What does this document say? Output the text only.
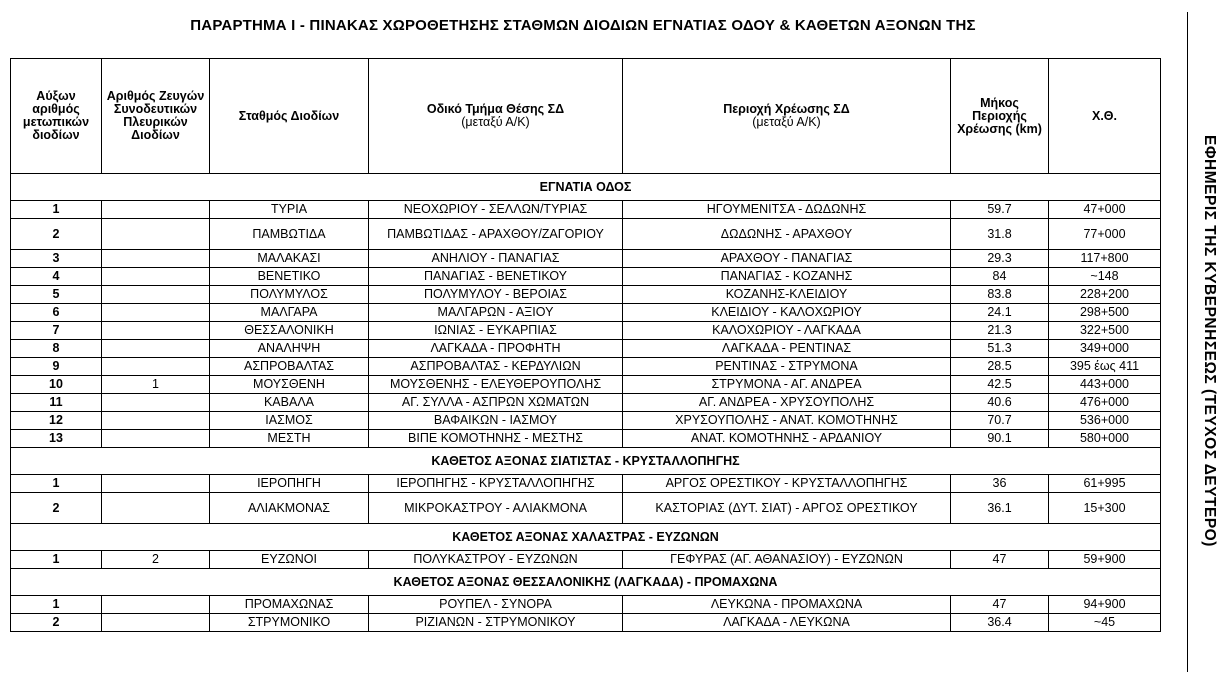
ΠΑΡΑΡΤΗΜΑ Ι - ΠΙΝΑΚΑΣ ΧΩΡΟΘΕΤΗΣΗΣ ΣΤΑΘΜΩΝ ΔΙΟΔΙΩΝ ΕΓΝΑΤΙΑΣ ΟΔΟΥ & ΚΑΘΕΤΩΝ ΑΞΟΝΩΝ ΤΗΣ
Αύξων αριθμός μετωπικών διοδίων	Αριθμός Ζευγών Συνοδευτικών Πλευρικών Διοδίων	Σταθμός Διοδίων	Οδικό Τμήμα Θέσης ΣΔ
(μεταξύ Α/Κ)	Περιοχή Χρέωσης ΣΔ
(μεταξύ Α/Κ)	Μήκος Περιοχής Χρέωσης (km)	Χ.Θ.
ΕΓΝΑΤΙΑ ΟΔΟΣ						
1		ΤΥΡΙΑ	ΝΕΟΧΩΡΙΟΥ - ΣΕΛΛΩΝ/ΤΥΡΙΑΣ	ΗΓΟΥΜΕΝΙΤΣΑ - ΔΩΔΩΝΗΣ	59.7	47+000
2		ΠΑΜΒΩΤΙΔΑ	ΠΑΜΒΩΤΙΔΑΣ - ΑΡΑΧΘΟΥ/ΖΑΓΟΡΙΟΥ	ΔΩΔΩΝΗΣ - ΑΡΑΧΘΟΥ	31.8	77+000
3		ΜΑΛΑΚΑΣΙ	ΑΝΗΛΙΟΥ - ΠΑΝΑΓΙΑΣ	ΑΡΑΧΘΟΥ - ΠΑΝΑΓΙΑΣ	29.3	117+800
4		ΒΕΝΕΤΙΚΟ	ΠΑΝΑΓΙΑΣ - ΒΕΝΕΤΙΚΟΥ	ΠΑΝΑΓΙΑΣ - ΚΟΖΑΝΗΣ	84	~148
5		ΠΟΛΥΜΥΛΟΣ	ΠΟΛΥΜΥΛΟΥ - ΒΕΡΟΙΑΣ	ΚΟΖΑΝΗΣ-ΚΛΕΙΔΙΟΥ	83.8	228+200
6		ΜΑΛΓΑΡΑ	ΜΑΛΓΑΡΩΝ - ΑΞΙΟΥ	ΚΛΕΙΔΙΟΥ - ΚΑΛΟΧΩΡΙΟΥ	24.1	298+500
7		ΘΕΣΣΑΛΟΝΙΚΗ	ΙΩΝΙΑΣ - ΕΥΚΑΡΠΙΑΣ	ΚΑΛΟΧΩΡΙΟΥ - ΛΑΓΚΑΔΑ	21.3	322+500
8		ΑΝΑΛΗΨΗ	ΛΑΓΚΑΔΑ - ΠΡΟΦΗΤΗ	ΛΑΓΚΑΔΑ - ΡΕΝΤΙΝΑΣ	51.3	349+000
9		ΑΣΠΡΟΒΑΛΤΑΣ	ΑΣΠΡΟΒΑΛΤΑΣ - ΚΕΡΔΥΛΙΩΝ	ΡΕΝΤΙΝΑΣ - ΣΤΡΥΜΟΝΑ	28.5	395 έως 411
10	1	ΜΟΥΣΘΕΝΗ	ΜΟΥΣΘΕΝΗΣ - ΕΛΕΥΘΕΡΟΥΠΟΛΗΣ	ΣΤΡΥΜΟΝΑ - ΑΓ. ΑΝΔΡΕΑ	42.5	443+000
11		ΚΑΒΑΛΑ	ΑΓ. ΣΥΛΛΑ - ΑΣΠΡΩΝ ΧΩΜΑΤΩΝ	ΑΓ. ΑΝΔΡΕΑ - ΧΡΥΣΟΥΠΟΛΗΣ	40.6	476+000
12		ΙΑΣΜΟΣ	ΒΑΦΑΙΚΩΝ - ΙΑΣΜΟΥ	ΧΡΥΣΟΥΠΟΛΗΣ - ΑΝΑΤ. ΚΟΜΟΤΗΝΗΣ	70.7	536+000
13		ΜΕΣΤΗ	ΒΙΠΕ ΚΟΜΟΤΗΝΗΣ - ΜΕΣΤΗΣ	ΑΝΑΤ. ΚΟΜΟΤΗΝΗΣ - ΑΡΔΑΝΙΟΥ	90.1	580+000
ΚΑΘΕΤΟΣ ΑΞΟΝΑΣ ΣΙΑΤΙΣΤΑΣ - ΚΡΥΣΤΑΛΛΟΠΗΓΗΣ						
1		ΙΕΡΟΠΗΓΗ	ΙΕΡΟΠΗΓΗΣ - ΚΡΥΣΤΑΛΛΟΠΗΓΗΣ	ΑΡΓΟΣ ΟΡΕΣΤΙΚΟΥ - ΚΡΥΣΤΑΛΛΟΠΗΓΗΣ	36	61+995
2		ΑΛΙΑΚΜΟΝΑΣ	ΜΙΚΡΟΚΑΣΤΡΟΥ - ΑΛΙΑΚΜΟΝΑ	ΚΑΣΤΟΡΙΑΣ (ΔΥΤ. ΣΙΑΤ) - ΑΡΓΟΣ ΟΡΕΣΤΙΚΟΥ	36.1	15+300
ΚΑΘΕΤΟΣ ΑΞΟΝΑΣ ΧΑΛΑΣΤΡΑΣ - ΕΥΖΩΝΩΝ						
1	2	ΕΥΖΩΝΟΙ	ΠΟΛΥΚΑΣΤΡΟΥ - ΕΥΖΩΝΩΝ	ΓΕΦΥΡΑΣ (ΑΓ. ΑΘΑΝΑΣΙΟΥ) - ΕΥΖΩΝΩΝ	47	59+900
ΚΑΘΕΤΟΣ ΑΞΟΝΑΣ ΘΕΣΣΑΛΟΝΙΚΗΣ (ΛΑΓΚΑΔΑ) - ΠΡΟΜΑΧΩΝΑ						
1		ΠΡΟΜΑΧΩΝΑΣ	ΡΟΥΠΕΛ - ΣΥΝΟΡΑ	ΛΕΥΚΩΝΑ - ΠΡΟΜΑΧΩΝΑ	47	94+900
2		ΣΤΡΥΜΟΝΙΚΟ	ΡΙΖΙΑΝΩΝ - ΣΤΡΥΜΟΝΙΚΟΥ	ΛΑΓΚΑΔΑ - ΛΕΥΚΩΝΑ	36.4	~45
ΕΦΗΜΕΡΙΣ ΤΗΣ ΚΥΒΕΡΝΗΣΕΩΣ (ΤΕΥΧΟΣ ΔΕΥΤΕΡΟ)
